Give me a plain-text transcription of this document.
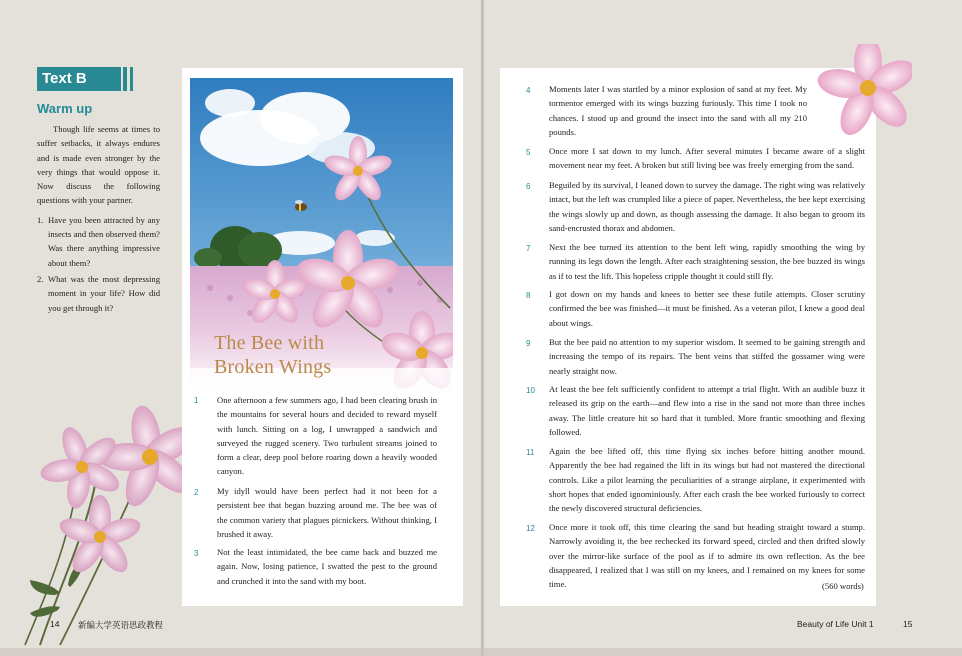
Text B
Warm up

Though life seems at times to suffer setbacks, it always endures and is made even stronger by the very things that would oppose it. Now discuss the following questions with your partner.

1. Have you been attracted by any insects and then observed them? Was there anything impressive about them?
2. What was the most depressing moment in your life? How did you get through it?
The Bee with
Broken Wings
1 One afternoon a few summers ago, I had been clearing brush in the mountains for several hours and decided to reward myself with lunch. Sitting on a log, I unwrapped a sandwich and surveyed the rugged scenery. Two turbulent streams joined to form a clear, deep pool before roaring down a heavily wooded canyon.
2 My idyll would have been perfect had it not been for a persistent bee that began buzzing around me. The bee was of the common variety that plagues picnickers. Without thinking, I brushed it away.
3 Not the least intimidated, the bee came back and buzzed me again. Now, losing patience, I swatted the pest to the ground and crunched it into the sand with my boot.
4 Moments later I was startled by a minor explosion of sand at my feet. My tormentor emerged with its wings buzzing furiously. This time I took no chances. I stood up and ground the insect into the sand with all my 210 pounds.
5 Once more I sat down to my lunch. After several minutes I became aware of a slight movement near my feet. A broken but still living bee was freely emerging from the sand.
6 Beguiled by its survival, I leaned down to survey the damage. The right wing was relatively intact, but the left was crumpled like a piece of paper. Nevertheless, the bee kept exercising the wings slowly up and down, as though assessing the damage. It also began to groom its sand-encrusted thorax and abdomen.
7 Next the bee turned its attention to the bent left wing, rapidly smoothing the wing by running its legs down the length. After each straightening session, the bee buzzed its wings as if to test the lift. This hopeless cripple thought it could still fly.
8 I got down on my hands and knees to better see these futile attempts. Closer scrutiny confirmed the bee was finished—it must be finished. As a veteran pilot, I knew a good deal about wings.
9 But the bee paid no attention to my superior wisdom. It seemed to be gaining strength and increasing the tempo of its repairs. The bent veins that stiffed the gossamer wing were nearly straight now.
10 At least the bee felt sufficiently confident to attempt a trial flight. With an audible buzz it released its grip on the earth—and flew into a rise in the sand not more than three inches away. The little creature hit so hard that it tumbled. More frantic smoothing and flexing followed.
11 Again the bee lifted off, this time flying six inches before hitting another mound. Apparently the bee had regained the lift in its wings but had not mastered the directional controls. Like a pilot learning the peculiarities of a strange airplane, it experimented with short hopes that ended ignominiously. After each crash the bee worked furiously to correct the newly discovered structural deficiencies.
12 Once more it took off, this time clearing the sand but heading straight toward a stump. Narrowly avoiding it, the bee rechecked its forward speed, circled and then drifted slowly over the mirror-like surface of the pool as if to admire its own reflection. As the bee disappeared, I realized that I was still on my knees, and I remained on my knees for some time.	(560 words)
14 新编大学英语思政教程	Beauty of Life Unit 1	15
